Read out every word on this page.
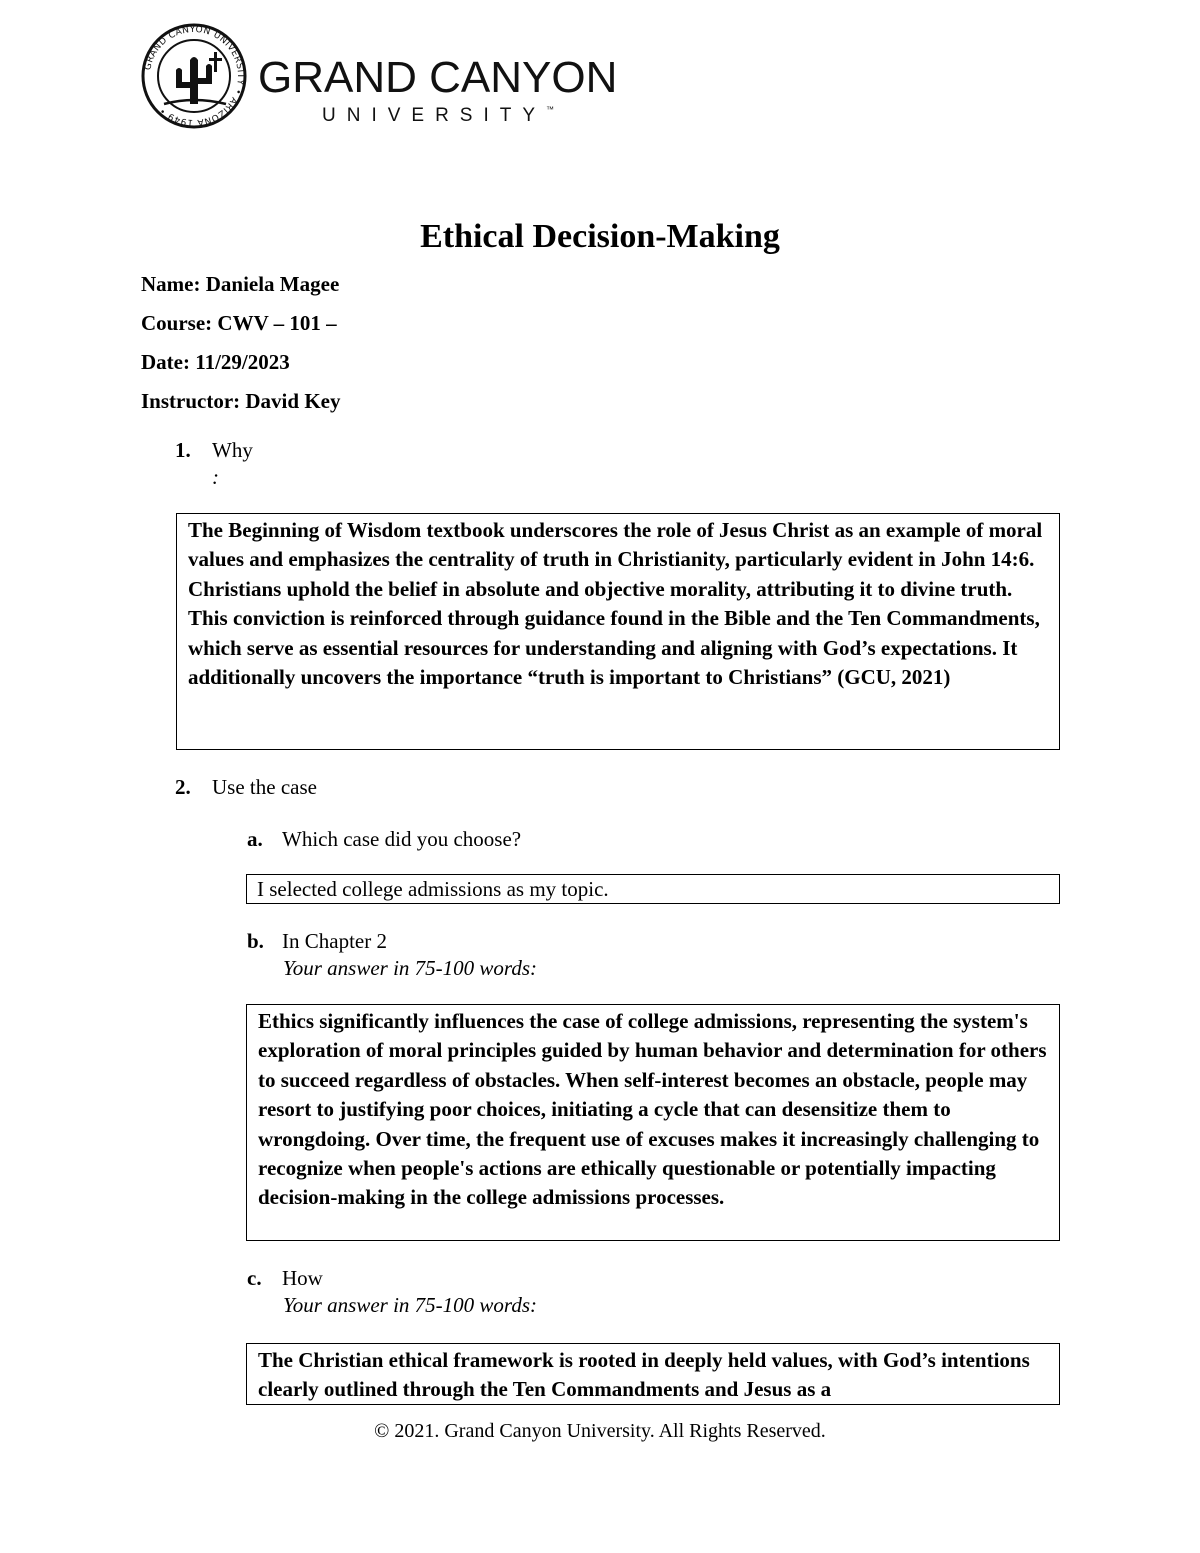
GRAND CANYON UNIVERSITY • ARIZONA 1949 •
GRAND CANYON
UNIVERSITY™
Ethical Decision-Making
Name: Daniela Magee
Course: CWV – 101 –
Date: 11/29/2023
Instructor: David Key
1. Why
:
The Beginning of Wisdom textbook underscores the role of Jesus Christ as an example of moral values and emphasizes the centrality of truth in Christianity, particularly evident in John 14:6. Christians uphold the belief in absolute and objective morality, attributing it to divine truth. This conviction is reinforced through guidance found in the Bible and the Ten Commandments, which serve as essential resources for understanding and aligning with God’s expectations. It additionally uncovers the importance “truth is important to Christians” (GCU, 2021)
2. Use the case
a. Which case did you choose?
I selected college admissions as my topic.
b. In Chapter 2
Your answer in 75-100 words:
Ethics significantly influences the case of college admissions, representing the system's exploration of moral principles guided by human behavior and determination for others to succeed regardless of obstacles. When self-interest becomes an obstacle, people may resort to justifying poor choices, initiating a cycle that can desensitize them to wrongdoing. Over time, the frequent use of excuses makes it increasingly challenging to recognize when people's actions are ethically questionable or potentially impacting decision-making in the college admissions processes.
c. How
Your answer in 75-100 words:
The Christian ethical framework is rooted in deeply held values, with God’s intentions clearly outlined through the Ten Commandments and Jesus as a
© 2021. Grand Canyon University. All Rights Reserved.
